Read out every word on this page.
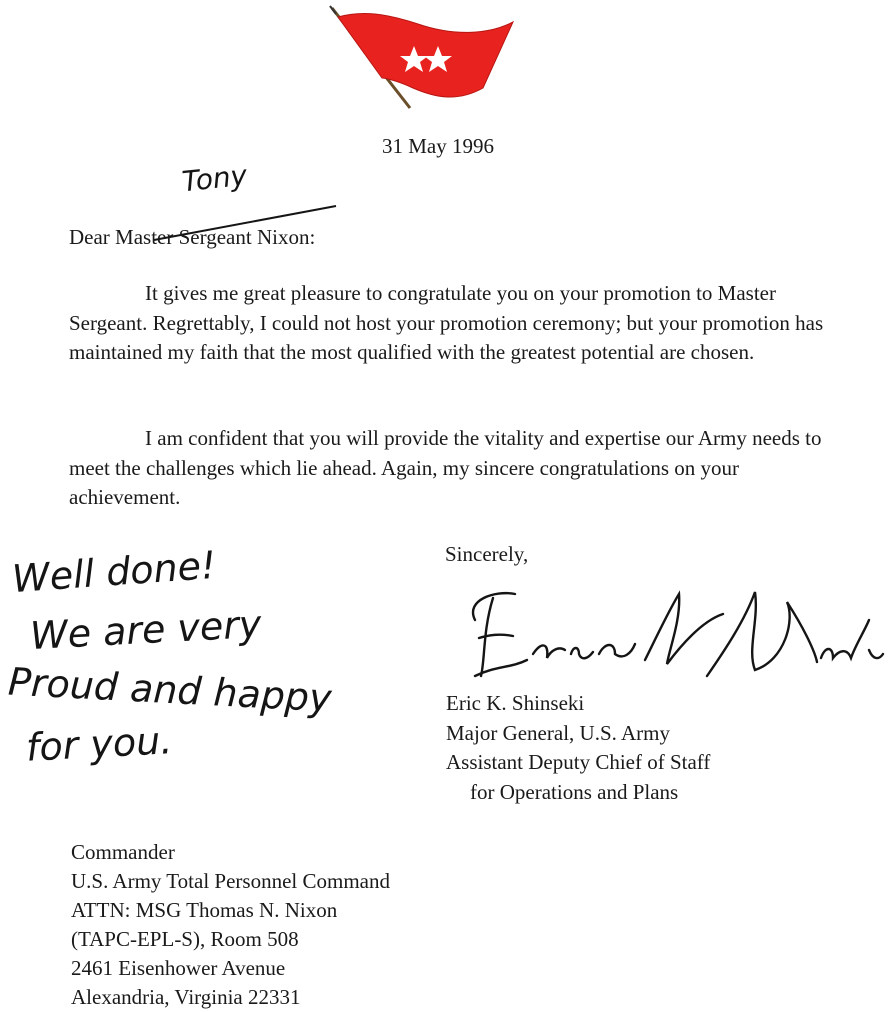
31 May 1996
Tony
Dear Master Sergeant Nixon:

It gives me great pleasure to congratulate you on your promotion to Master Sergeant. Regrettably, I could not host your promotion ceremony; but your promotion has maintained my faith that the most qualified with the greatest potential are chosen.

I am confident that you will provide the vitality and expertise our Army needs to meet the challenges which lie ahead. Again, my sincere congratulations on your achievement.

Sincerely,
Eric K. Shinseki
Major General, U.S. Army
Assistant Deputy Chief of Staff
for Operations and Plans
Well done!
We are very
Proud and happy
for you.
Commander
U.S. Army Total Personnel Command
ATTN: MSG Thomas N. Nixon
(TAPC-EPL-S), Room 508
2461 Eisenhower Avenue
Alexandria, Virginia 22331
